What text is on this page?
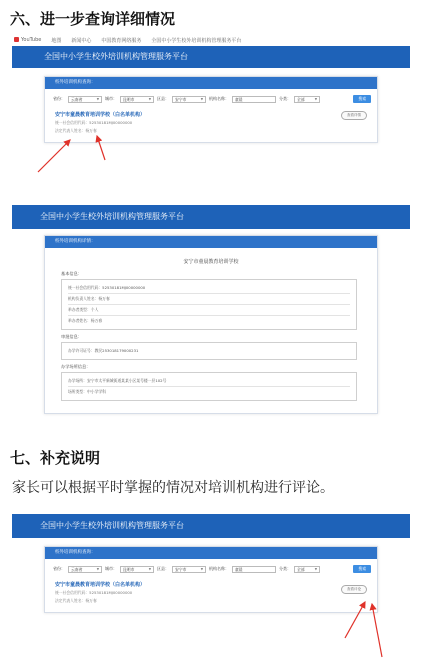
六、进一步查询详细情况
YouTube 地图 新闻中心 中国教育网络服务 全国中小学生校外培训机构管理服务平台
全国中小学生校外培训机构管理服务平台
校外培训机构查询：
省份： 云南省	▼ 城市： 昆明市	▼ 区县： 安宁市	▼ 机构名称：	童晨	分类： 全部	▼	搜索
安宁市童晨教育培训学校（白名单机构）
统一社会信用代码：52530181MJ00000000
法定代表人姓名：杨万春
查看详情
全国中小学生校外培训机构管理服务平台
校外培训机构详情：
安宁市童晨教育培训学校
基本信息：
统一社会信用代码：52530181MJ00000000
机构负责人姓名：杨万春
举办者类型：个人
举办者姓名：杨万春
审批信息：
办学许可证号：教民253018179000231
办学场所信息：
办学场所：安宁市太平新城街道某某小区某号楼一层102号
场所类型：中小学学科
七、补充说明
家长可以根据平时掌握的情况对培训机构进行评论。
全国中小学生校外培训机构管理服务平台
校外培训机构查询：
省份： 云南省	▼ 城市： 昆明市	▼ 区县： 安宁市	▼ 机构名称：	童晨	分类： 全部	▼	搜索
安宁市童晨教育培训学校（白名单机构）
统一社会信用代码：52530181MJ00000000
法定代表人姓名：杨万春
查看评论
